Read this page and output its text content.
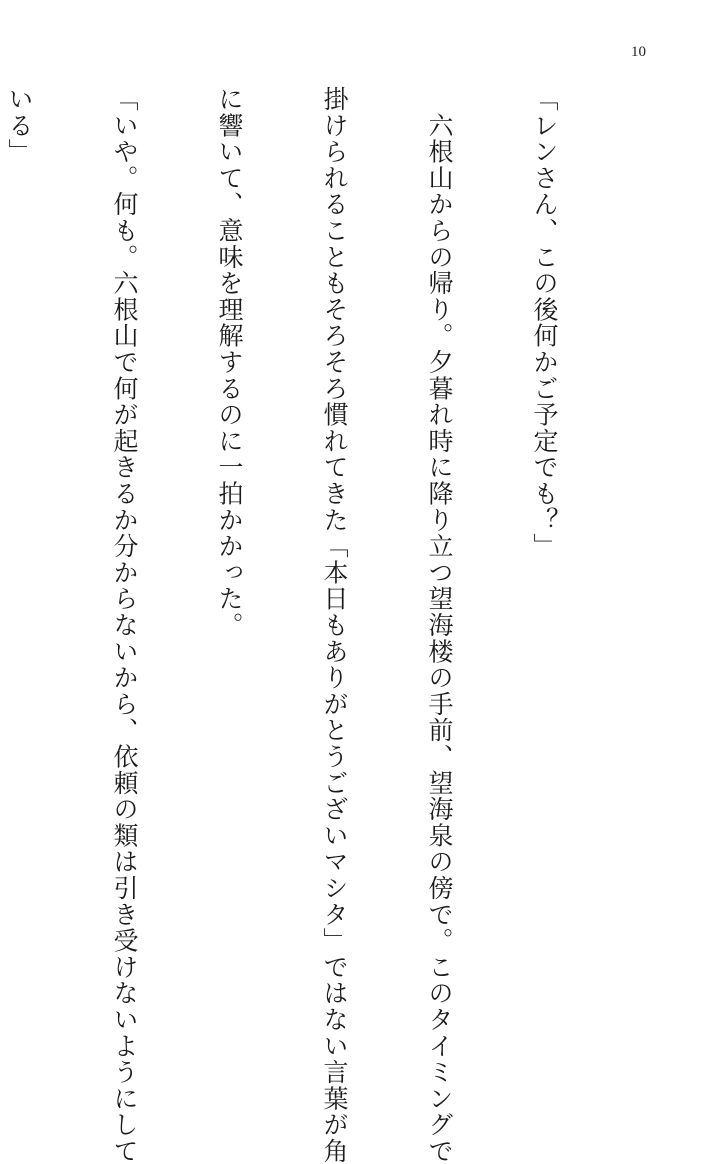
10

「レンさん、この後何かご予定でも？」

　六根山からの帰り。夕暮れ時に降り立つ望海楼の手前、望海泉の傍で。このタイミングで

掛けられることもそろそろ慣れてきた「本日もありがとうございマシタ」ではない言葉が角

に響いて、意味を理解するのに一拍かかった。

「いや。何も。六根山で何が起きるか分からないから、依頼の類は引き受けないようにして

いる」
